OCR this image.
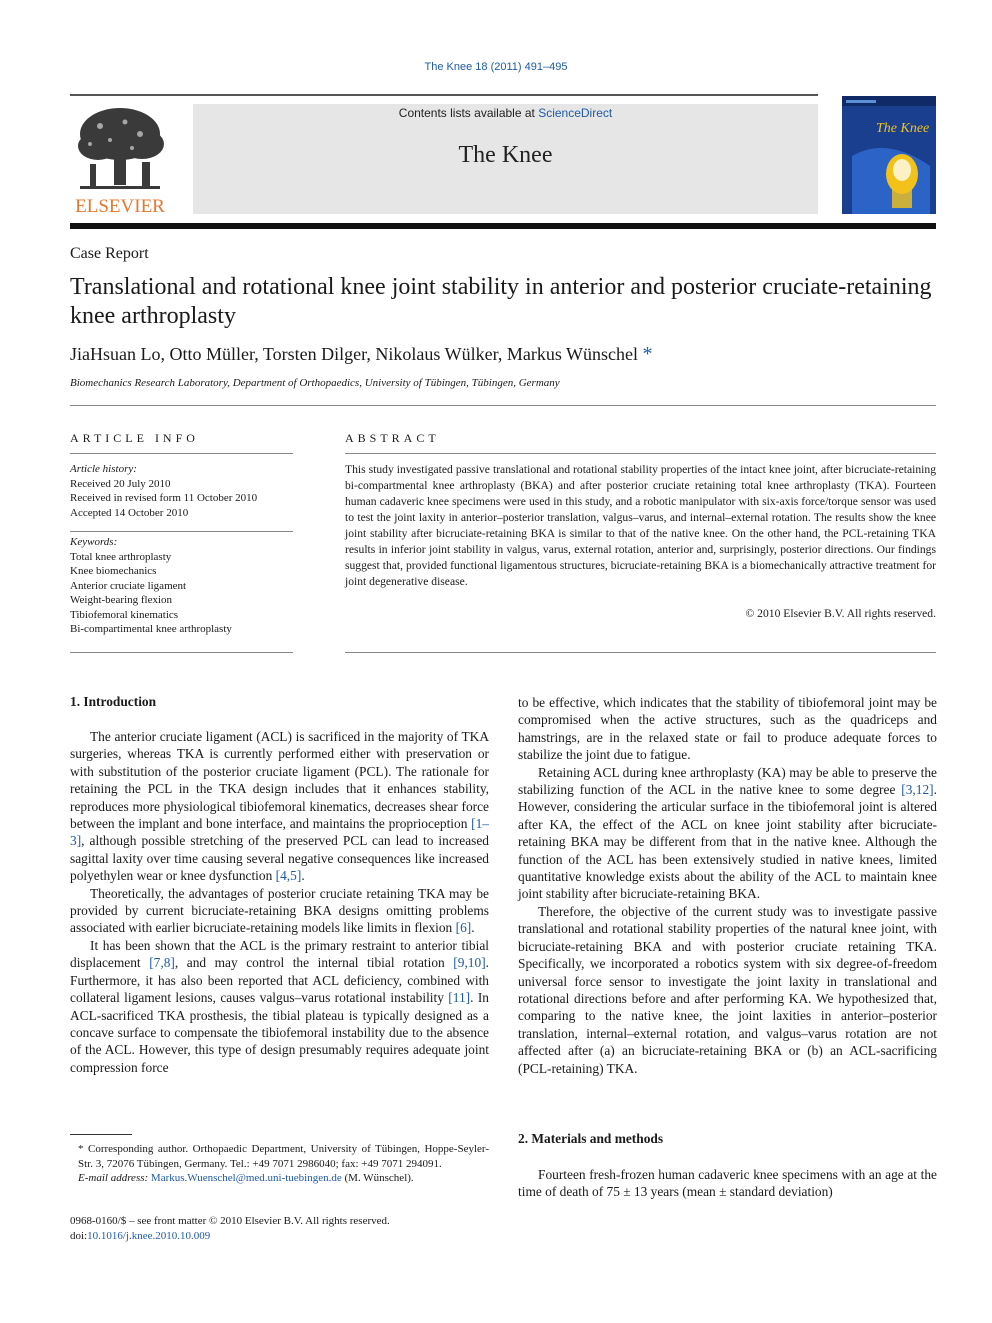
The Knee 18 (2011) 491–495
ELSEVIER
Contents lists available at ScienceDirect
The Knee
The Knee
Case Report
Translational and rotational knee joint stability in anterior and posterior cruciate-retaining knee arthroplasty
JiaHsuan Lo, Otto Müller, Torsten Dilger, Nikolaus Wülker, Markus Wünschel *
Biomechanics Research Laboratory, Department of Orthopaedics, University of Tübingen, Tübingen, Germany
ARTICLE INFO	ABSTRACT
Article history:
Received 20 July 2010
Received in revised form 11 October 2010
Accepted 14 October 2010
Keywords:
Total knee arthroplasty
Knee biomechanics
Anterior cruciate ligament
Weight-bearing flexion
Tibiofemoral kinematics
Bi-compartimental knee arthroplasty
This study investigated passive translational and rotational stability properties of the intact knee joint, after bicruciate-retaining bi-compartmental knee arthroplasty (BKA) and after posterior cruciate retaining total knee arthroplasty (TKA). Fourteen human cadaveric knee specimens were used in this study, and a robotic manipulator with six-axis force/torque sensor was used to test the joint laxity in anterior–posterior translation, valgus–varus, and internal–external rotation. The results show the knee joint stability after bicruciate-retaining BKA is similar to that of the native knee. On the other hand, the PCL-retaining TKA results in inferior joint stability in valgus, varus, external rotation, anterior and, surprisingly, posterior directions. Our findings suggest that, provided functional ligamentous structures, bicruciate-retaining BKA is a biomechanically attractive treatment for joint degenerative disease.
© 2010 Elsevier B.V. All rights reserved.
1. Introduction

The anterior cruciate ligament (ACL) is sacrificed in the majority of TKA surgeries, whereas TKA is currently performed either with preservation or with substitution of the posterior cruciate ligament (PCL). The rationale for retaining the PCL in the TKA design includes that it enhances stability, reproduces more physiological tibiofemoral kinematics, decreases shear force between the implant and bone interface, and maintains the proprioception [1–3], although possible stretching of the preserved PCL can lead to increased sagittal laxity over time causing several negative consequences like increased polyethylen wear or knee dysfunction [4,5].

Theoretically, the advantages of posterior cruciate retaining TKA may be provided by current bicruciate-retaining BKA designs omitting problems associated with earlier bicruciate-retaining models like limits in flexion [6].

It has been shown that the ACL is the primary restraint to anterior tibial displacement [7,8], and may control the internal tibial rotation [9,10]. Furthermore, it has also been reported that ACL deficiency, combined with collateral ligament lesions, causes valgus–varus rotational instability [11]. In ACL-sacrificed TKA prosthesis, the tibial plateau is typically designed as a concave surface to compensate the tibiofemoral instability due to the absence of the ACL. However, this type of design presumably requires adequate joint compression force

to be effective, which indicates that the stability of tibiofemoral joint may be compromised when the active structures, such as the quadriceps and hamstrings, are in the relaxed state or fail to produce adequate forces to stabilize the joint due to fatigue.

Retaining ACL during knee arthroplasty (KA) may be able to preserve the stabilizing function of the ACL in the native knee to some degree [3,12]. However, considering the articular surface in the tibiofemoral joint is altered after KA, the effect of the ACL on knee joint stability after bicruciate-retaining BKA may be different from that in the native knee. Although the function of the ACL has been extensively studied in native knees, limited quantitative knowledge exists about the ability of the ACL to maintain knee joint stability after bicruciate-retaining BKA.

Therefore, the objective of the current study was to investigate passive translational and rotational stability properties of the natural knee joint, with bicruciate-retaining BKA and with posterior cruciate retaining TKA. Specifically, we incorporated a robotics system with six degree-of-freedom universal force sensor to investigate the joint laxity in translational and rotational directions before and after performing KA. We hypothesized that, comparing to the native knee, the joint laxities in anterior–posterior translation, internal–external rotation, and valgus–varus rotation are not affected after (a) an bicruciate-retaining BKA or (b) an ACL-sacrificing (PCL-retaining) TKA.

2. Materials and methods

Fourteen fresh-frozen human cadaveric knee specimens with an age at the time of death of 75 ± 13 years (mean ± standard deviation)

* Corresponding author. Orthopaedic Department, University of Tübingen, Hoppe-Seyler-Str. 3, 72076 Tübingen, Germany. Tel.: +49 7071 2986040; fax: +49 7071 294091.
E-mail address: Markus.Wuenschel@med.uni-tuebingen.de (M. Wünschel).
0968-0160/$ – see front matter © 2010 Elsevier B.V. All rights reserved.
doi:10.1016/j.knee.2010.10.009
